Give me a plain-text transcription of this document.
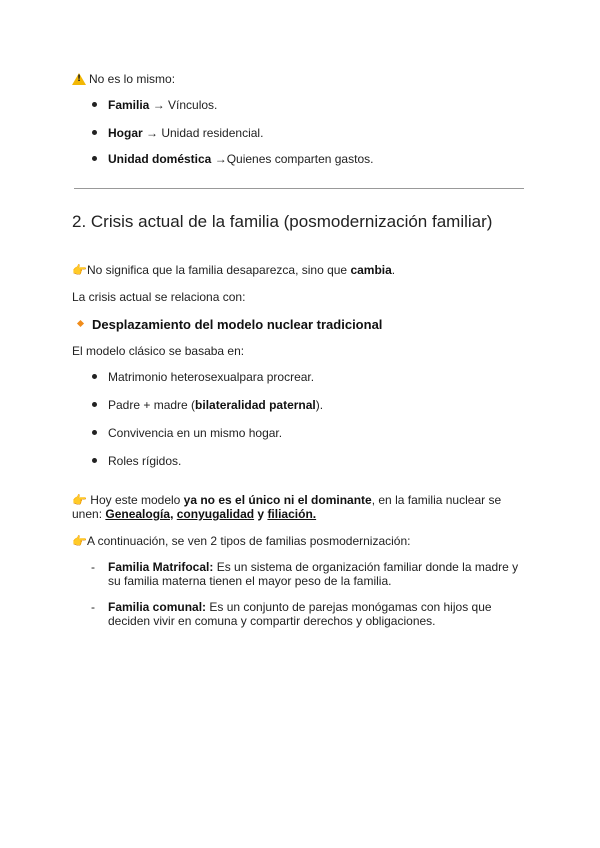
!No es lo mismo:
Familia → Vínculos.
Hogar → Unidad residencial.
Unidad doméstica →Quienes comparten gastos.
2. Crisis actual de la familia (posmodernización familiar)
👉No significa que la familia desaparezca, sino que cambia.
La crisis actual se relaciona con:
Desplazamiento del modelo nuclear tradicional
El modelo clásico se basaba en:
Matrimonio heterosexualpara procrear.
Padre + madre (bilateralidad paternal).
Convivencia en un mismo hogar.
Roles rígidos.
👉 Hoy este modelo ya no es el único ni el dominante, en la familia nuclear se unen: Genealogía, conyugalidad y filiación.
👉A continuación, se ven 2 tipos de familias posmodernización:
- Familia Matrifocal: Es un sistema de organización familiar donde la madre y su familia materna tienen el mayor peso de la familia.
- Familia comunal: Es un conjunto de parejas monógamas con hijos que deciden vivir en comuna y compartir derechos y obligaciones.
